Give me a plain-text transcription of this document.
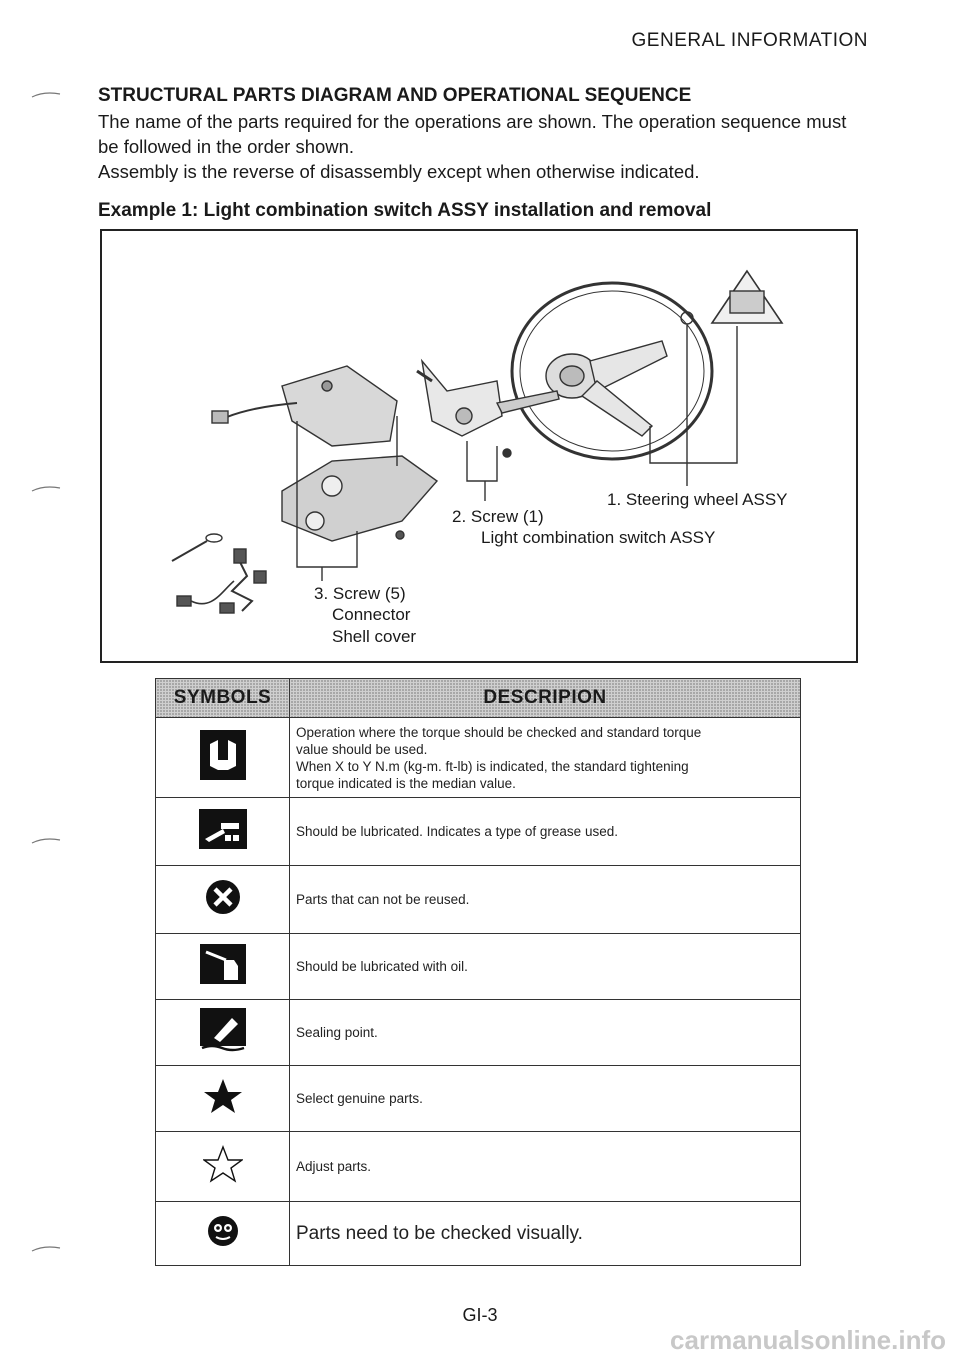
GENERAL INFORMATION
STRUCTURAL PARTS DIAGRAM AND OPERATIONAL SEQUENCE

The name of the parts required for the operations are shown. The operation sequence must

be followed in the order shown.

Assembly is the reverse of disassembly except when otherwise indicated.

Example 1: Light combination switch ASSY installation and removal
1. Steering wheel ASSY
2. Screw (1)
Light combination switch ASSY
3. Screw (5)
Connector
Shell cover
SYMBOLS	DESCRIPION

Operation where the torque should be checked and standard torque
value should be used.
When X to Y N.m (kg-m. ft-lb) is indicated, the standard tightening
torque indicated is the median value.

Should be lubricated. Indicates a type of grease used.

Parts that can not be reused.

Should be lubricated with oil.

Sealing point.

Select genuine parts.

Adjust parts.

Parts need to be checked visually.
GI-3
carmanualsonline.info
